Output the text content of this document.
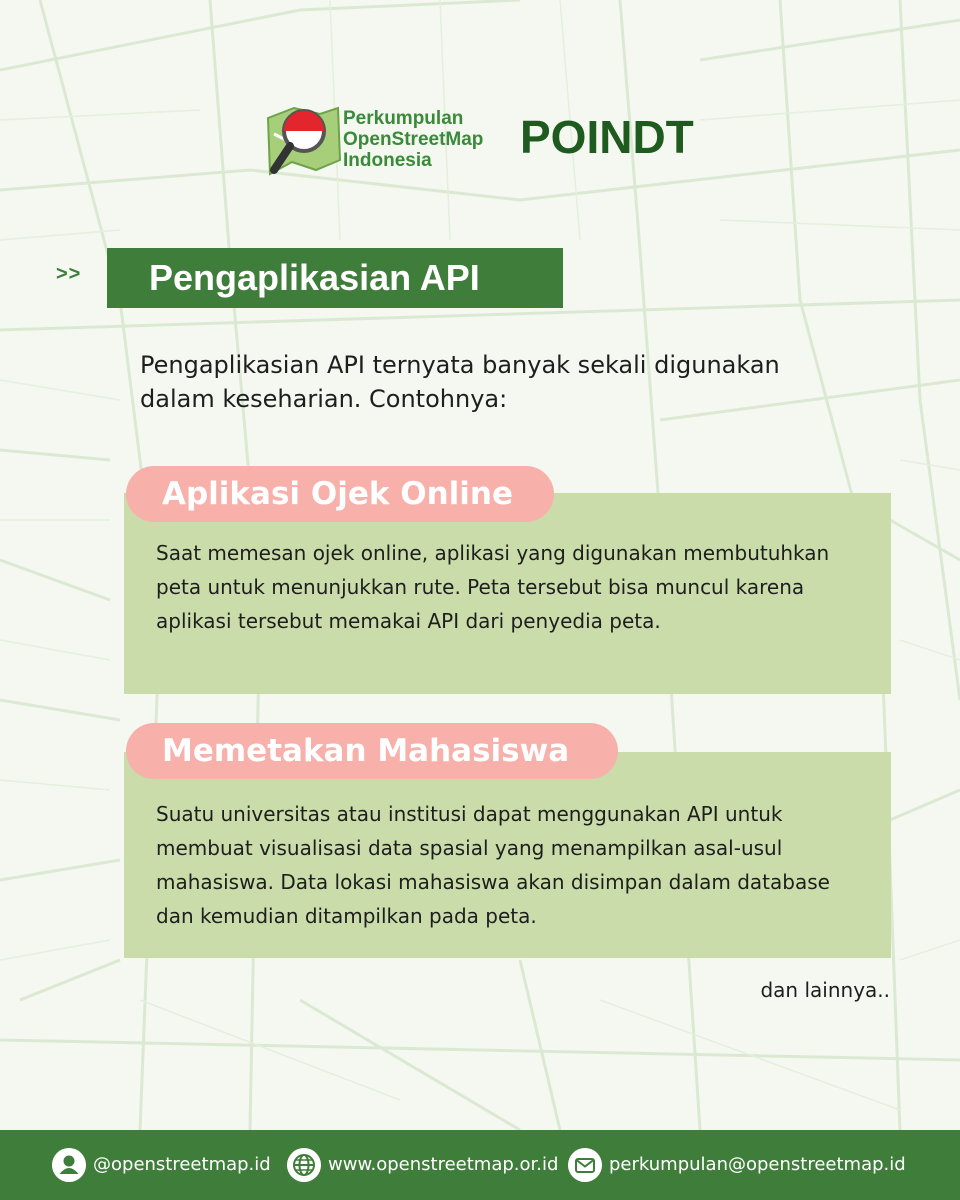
Perkumpulan
OpenStreetMap
Indonesia	POINDT
>>	Pengaplikasian API
Pengaplikasian API ternyata banyak sekali digunakan dalam keseharian. Contohnya:
Saat memesan ojek online, aplikasi yang digunakan membutuhkan peta untuk menunjukkan rute. Peta tersebut bisa muncul karena aplikasi tersebut memakai API dari penyedia peta.
Aplikasi Ojek Online
Suatu universitas atau institusi dapat menggunakan API untuk membuat visualisasi data spasial yang menampilkan asal-usul mahasiswa. Data lokasi mahasiswa akan disimpan dalam database dan kemudian ditampilkan pada peta.
Memetakan Mahasiswa
dan lainnya..
@openstreetmap.id	www.openstreetmap.or.id	perkumpulan@openstreetmap.id
